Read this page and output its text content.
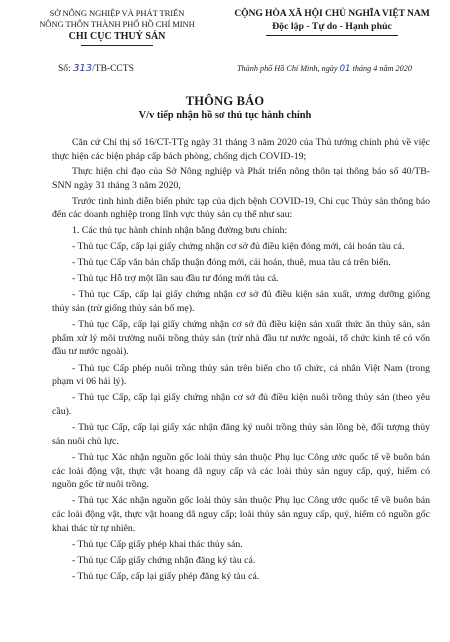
SỞ NÔNG NGHIỆP VÀ PHÁT TRIỂN
NÔNG THÔN THÀNH PHỐ HỒ CHÍ MINH
CHI CỤC THUỶ SẢN
CỘNG HÒA XÃ HỘI CHỦ NGHĨA VIỆT NAM
Độc lập - Tự do - Hạnh phúc
Số: 313/TB-CCTS	Thành phố Hồ Chí Minh, ngày 01 tháng 4 năm 2020
THÔNG BÁO
V/v tiếp nhận hồ sơ thủ tục hành chính

Căn cứ Chỉ thị số 16/CT-TTg ngày 31 tháng 3 năm 2020 của Thủ tướng chính phủ về việc thực hiện các biện pháp cấp bách phòng, chống dịch COVID-19;

Thực hiện chỉ đạo của Sở Nông nghiệp và Phát triển nông thôn tại thông báo số 40/TB-SNN ngày 31 tháng 3 năm 2020,

Trước tình hình diễn biến phức tạp của dịch bệnh COVID-19, Chi cục Thủy sản thông báo đến các doanh nghiệp trong lĩnh vực thủy sản cụ thể như sau:

1. Các thủ tục hành chính nhận bằng đường bưu chính:

- Thủ tục Cấp, cấp lại giấy chứng nhận cơ sở đủ điều kiện đóng mới, cải hoán tàu cá.

- Thủ tục Cấp văn bản chấp thuận đóng mới, cải hoán, thuê, mua tàu cá trên biển.

- Thủ tục Hỗ trợ một lần sau đầu tư đóng mới tàu cá.

- Thủ tục Cấp, cấp lại giấy chứng nhận cơ sở đủ điều kiện sản xuất, ương dưỡng giống thủy sản (trừ giống thủy sản bố mẹ).

- Thủ tục Cấp, cấp lại giấy chứng nhận cơ sở đủ điều kiện sản xuất thức ăn thủy sản, sản phẩm xử lý môi trường nuôi trồng thủy sản (trừ nhà đầu tư nước ngoài, tổ chức kinh tế có vốn đầu tư nước ngoài).

- Thủ tục Cấp phép nuôi trồng thủy sản trên biển cho tổ chức, cá nhân Việt Nam (trong phạm vi 06 hải lý).

- Thủ tục Cấp, cấp lại giấy chứng nhận cơ sở đủ điều kiện nuôi trồng thủy sản (theo yêu cầu).

- Thủ tục Cấp, cấp lại giấy xác nhận đăng ký nuôi trồng thủy sản lồng bè, đối tượng thủy sản nuôi chủ lực.

- Thủ tục Xác nhận nguồn gốc loài thủy sản thuộc Phụ lục Công ước quốc tế về buôn bán các loài động vật, thực vật hoang dã nguy cấp và các loài thủy sản nguy cấp, quý, hiếm có nguồn gốc từ nuôi trồng.

- Thủ tục Xác nhận nguồn gốc loài thủy sản thuộc Phụ lục Công ước quốc tế về buôn bán các loài động vật, thực vật hoang dã nguy cấp; loài thủy sản nguy cấp, quý, hiếm có nguồn gốc khai thác từ tự nhiên.

- Thủ tục Cấp giấy phép khai thác thủy sản.

- Thủ tục Cấp giấy chứng nhận đăng ký tàu cá.

- Thủ tục Cấp, cấp lại giấy phép đăng ký tàu cá.
